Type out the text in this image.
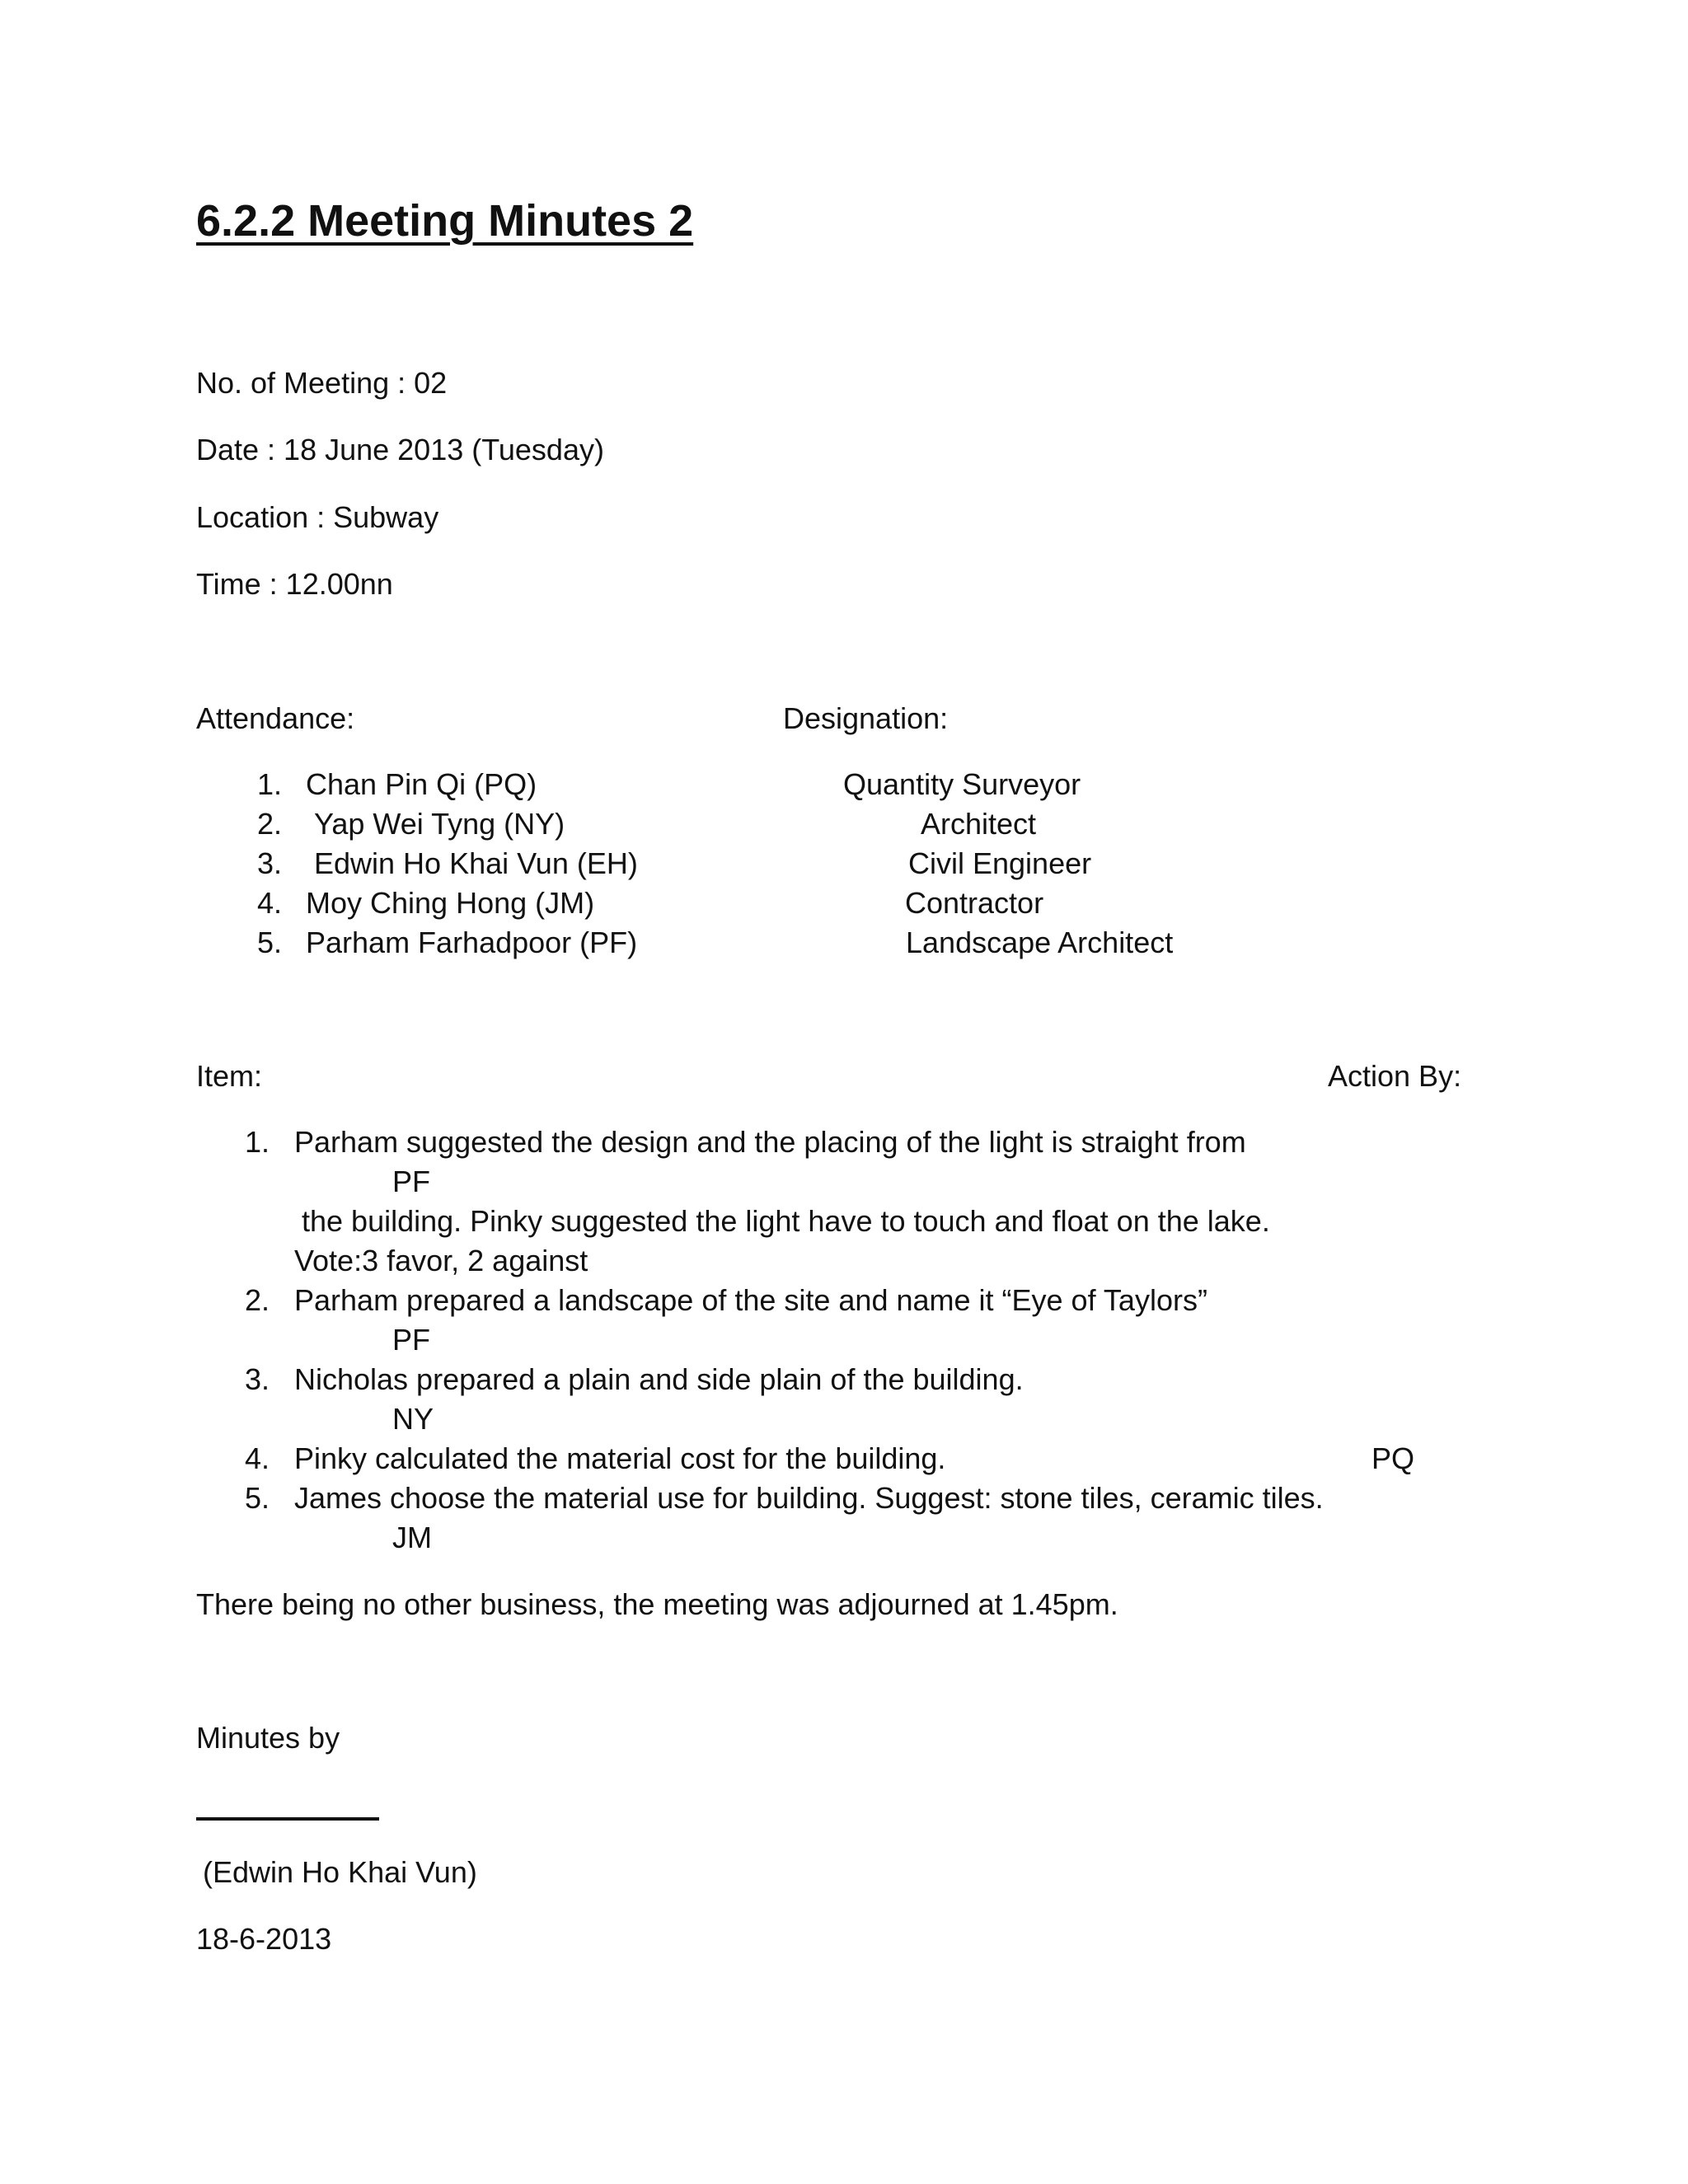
6.2.2 Meeting Minutes 2
No. of Meeting : 02
Date : 18 June 2013 (Tuesday)
Location : Subway
Time : 12.00nn
Attendance:	Designation:
1. Chan Pin Qi (PQ)	Quantity Surveyor
2. Yap Wei Tyng (NY)	Architect
3. Edwin Ho Khai Vun (EH)	Civil Engineer
4. Moy Ching Hong (JM)	Contractor
5. Parham Farhadpoor (PF)	Landscape Architect
Item:	Action By:
1. Parham suggested the design and the placing of the light is straight from
PF
the building. Pinky suggested the light have to touch and float on the lake.
Vote:3 favor, 2 against
2. Parham prepared a landscape of the site and name it “Eye of Taylors”
PF
3. Nicholas prepared a plain and side plain of the building.
NY
4. Pinky calculated the material cost for the building.	PQ
5. James choose the material use for building. Suggest: stone tiles, ceramic tiles.
JM
There being no other business, the meeting was adjourned at 1.45pm.
Minutes by
(Edwin Ho Khai Vun)
18-6-2013
